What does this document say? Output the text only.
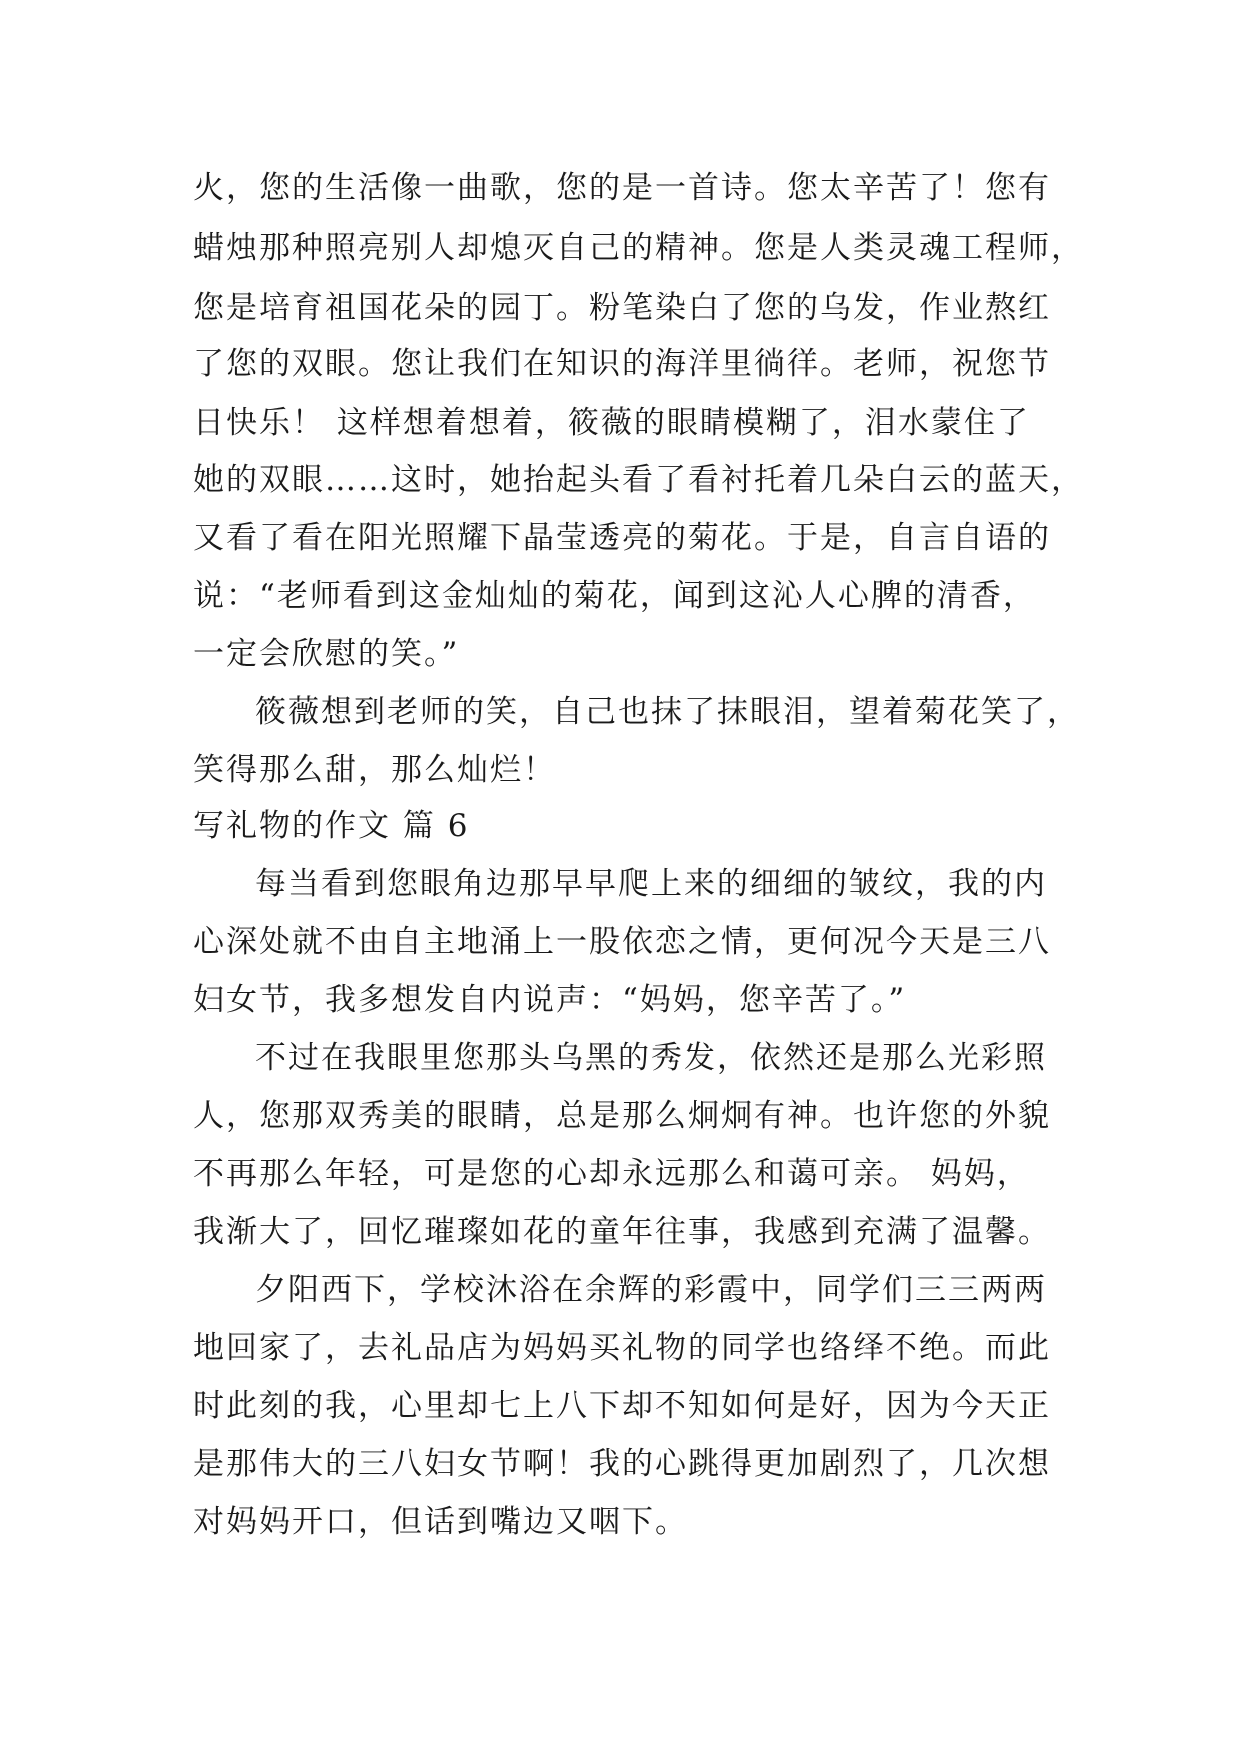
火，您的生活像一曲歌，您的是一首诗。您太辛苦了！您有
蜡烛那种照亮别人却熄灭自己的精神。您是人类灵魂工程师，
您是培育祖国花朵的园丁。粉笔染白了您的乌发，作业熬红
了您的双眼。您让我们在知识的海洋里徜徉。老师，祝您节
日快乐！ 这样想着想着，筱薇的眼睛模糊了，泪水蒙住了
她的双眼……这时，她抬起头看了看衬托着几朵白云的蓝天，
又看了看在阳光照耀下晶莹透亮的菊花。于是，自言自语的
说：“老师看到这金灿灿的菊花，闻到这沁人心脾的清香，
一定会欣慰的笑。”
筱薇想到老师的笑，自己也抹了抹眼泪，望着菊花笑了，
笑得那么甜，那么灿烂！
写礼物的作文 篇 6
每当看到您眼角边那早早爬上来的细细的皱纹，我的内
心深处就不由自主地涌上一股依恋之情，更何况今天是三八
妇女节，我多想发自内说声：“妈妈，您辛苦了。”
不过在我眼里您那头乌黑的秀发，依然还是那么光彩照
人，您那双秀美的眼睛，总是那么炯炯有神。也许您的外貌
不再那么年轻，可是您的心却永远那么和蔼可亲。 妈妈，
我渐大了，回忆璀璨如花的童年往事，我感到充满了温馨。
夕阳西下，学校沐浴在余辉的彩霞中，同学们三三两两
地回家了，去礼品店为妈妈买礼物的同学也络绎不绝。而此
时此刻的我，心里却七上八下却不知如何是好，因为今天正
是那伟大的三八妇女节啊！我的心跳得更加剧烈了，几次想
对妈妈开口，但话到嘴边又咽下。
